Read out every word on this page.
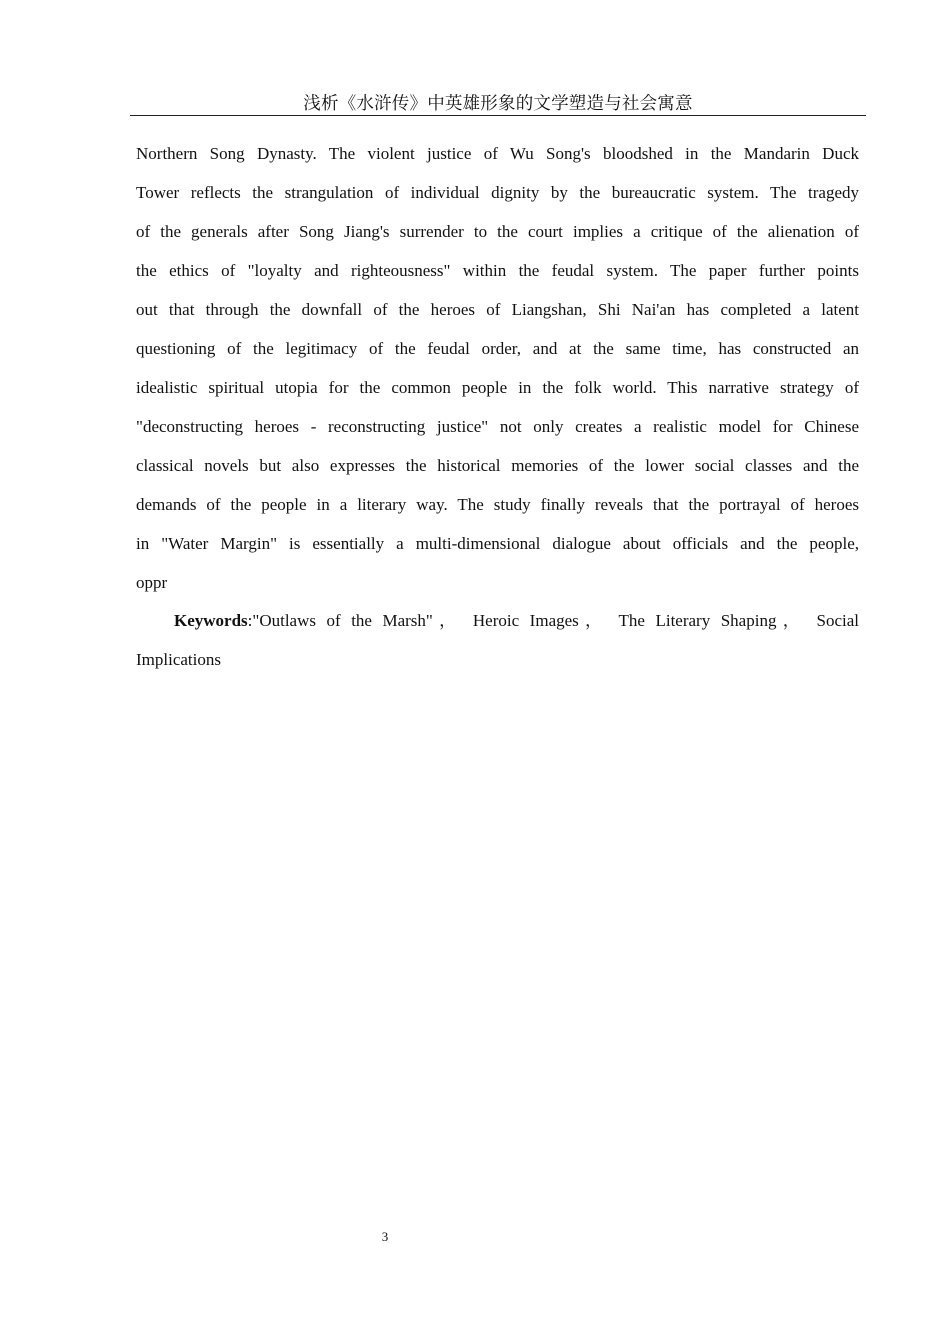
浅析《水浒传》中英雄形象的文学塑造与社会寓意
Northern Song Dynasty. The violent justice of Wu Song's bloodshed in the Mandarin Duck
Tower reflects the strangulation of individual dignity by the bureaucratic system. The tragedy
of the generals after Song Jiang's surrender to the court implies a critique of the alienation of
the ethics of "loyalty and righteousness" within the feudal system. The paper further points
out that through the downfall of the heroes of Liangshan, Shi Nai'an has completed a latent
questioning of the legitimacy of the feudal order, and at the same time, has constructed an
idealistic spiritual utopia for the common people in the folk world. This narrative strategy of
"deconstructing heroes - reconstructing justice" not only creates a realistic model for Chinese
classical novels but also expresses the historical memories of the lower social classes and the
demands of the people in a literary way. The study finally reveals that the portrayal of heroes
in "Water Margin" is essentially a multi-dimensional dialogue about officials and the people,
oppr
Keywords:"Outlaws of the Marsh"， Heroic Images， The Literary Shaping， Social
Implications
3
